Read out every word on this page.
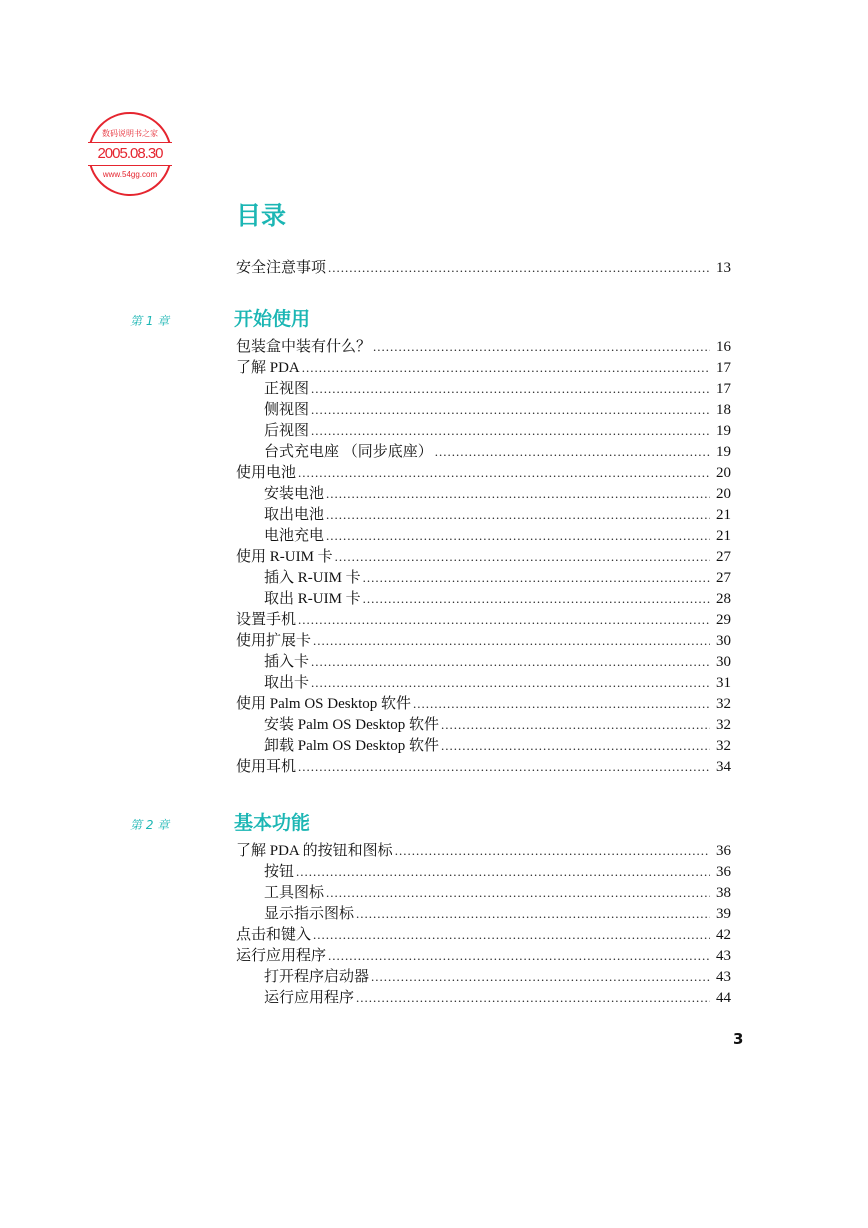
数码说明书之家
2005.08.30
www.54gg.com
目录
安全注意事项 .....	13
第 1 章	开始使用
包装盒中装有什么？ .....	16
了解 PDA .....	17
正视图 .....	17
侧视图 .....	18
后视图 .....	19
台式充电座 （同步底座） .....	19
使用电池 .....	20
安装电池 .....	20
取出电池 .....	21
电池充电 .....	21
使用 R-UIM 卡 .....	27
插入 R-UIM 卡 .....	27
取出 R-UIM 卡 .....	28
设置手机 .....	29
使用扩展卡 .....	30
插入卡 .....	30
取出卡 .....	31
使用 Palm OS Desktop 软件 .....	32
安装 Palm OS Desktop 软件 .....	32
卸载 Palm OS Desktop 软件 .....	32
使用耳机 .....	34
第 2 章	基本功能
了解 PDA 的按钮和图标 .....	36
按钮 .....	36
工具图标 .....	38
显示指示图标 .....	39
点击和键入 .....	42
运行应用程序 .....	43
打开程序启动器 .....	43
运行应用程序 .....	44
3
